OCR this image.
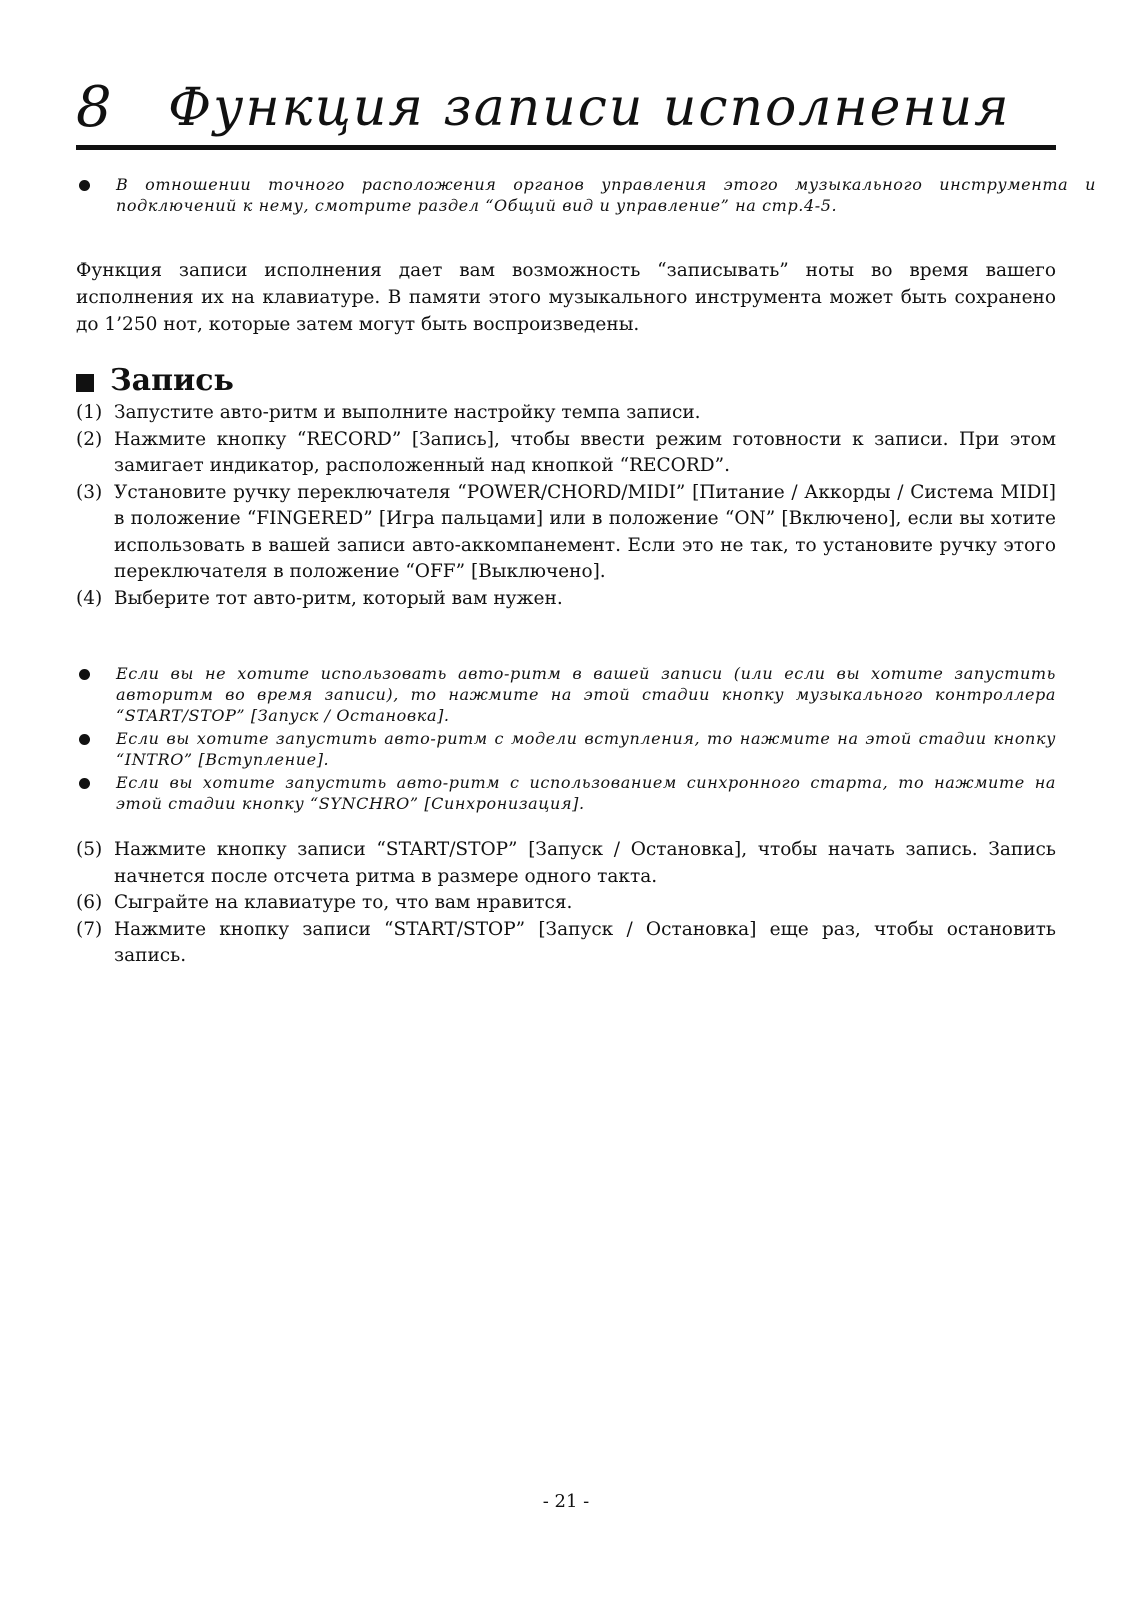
8 Функция записи исполнения
В отношении точного расположения органов управления этого музыкального инструмента и подключений к нему, смотрите раздел “Общий вид и управление” на стр.4-5.

Функция записи исполнения дает вам возможность “записывать” ноты во время вашего исполнения их на клавиатуре. В памяти этого музыкального инструмента может быть сохранено до 1’250 нот, которые затем могут быть воспроизведены.

Запись
(1) Запустите авто-ритм и выполните настройку темпа записи.
(2) Нажмите кнопку “RECORD” [Запись], чтобы ввести режим готовности к записи. При этом замигает индикатор, расположенный над кнопкой “RECORD”.
(3) Установите ручку переключателя “POWER/CHORD/MIDI” [Питание / Аккорды / Система MIDI] в положение “FINGERED” [Игра пальцами] или в положение “ON” [Включено], если вы хотите использовать в вашей записи авто-аккомпанемент. Если это не так, то установите ручку этого переключателя в положение “OFF” [Выключено].
(4) Выберите тот авто-ритм, который вам нужен.
Если вы не хотите использовать авто-ритм в вашей записи (или если вы хотите запустить авторитм во время записи), то нажмите на этой стадии кнопку музыкального контроллера “START/STOP” [Запуск / Остановка].
Если вы хотите запустить авто-ритм с модели вступления, то нажмите на этой стадии кнопку “INTRO” [Вступление].
Если вы хотите запустить авто-ритм с использованием синхронного старта, то нажмите на этой стадии кнопку “SYNCHRO” [Синхронизация].
(5) Нажмите кнопку записи “START/STOP” [Запуск / Остановка], чтобы начать запись. Запись начнется после отсчета ритма в размере одного такта.
(6) Сыграйте на клавиатуре то, что вам нравится.
(7) Нажмите кнопку записи “START/STOP” [Запуск / Остановка] еще раз, чтобы остановить запись.
- 21 -
